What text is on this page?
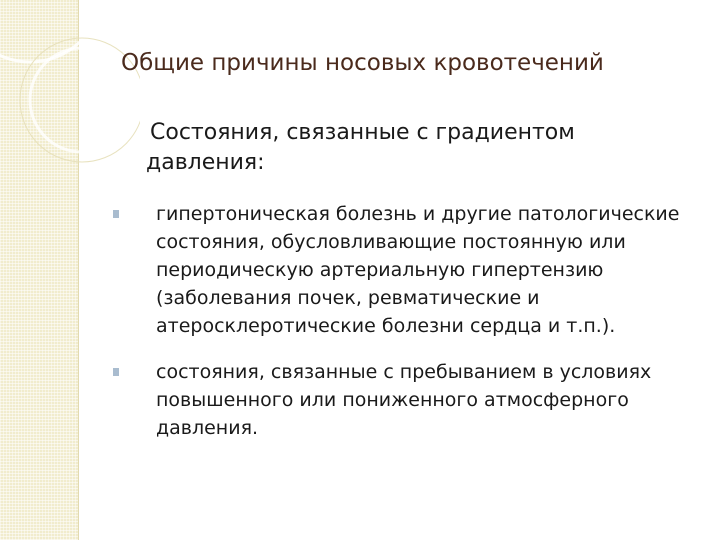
Общие причины носовых кровотечений
Состояния, связанные с градиентом давления:
гипертоническая болезнь и другие патологические состояния, обусловливающие постоянную или периодическую артериальную гипертензию (заболевания почек, ревматические и атеросклеротические болезни сердца и т.п.).
состояния, связанные с пребыванием в условиях повышенного или пониженного атмосферного давления.
